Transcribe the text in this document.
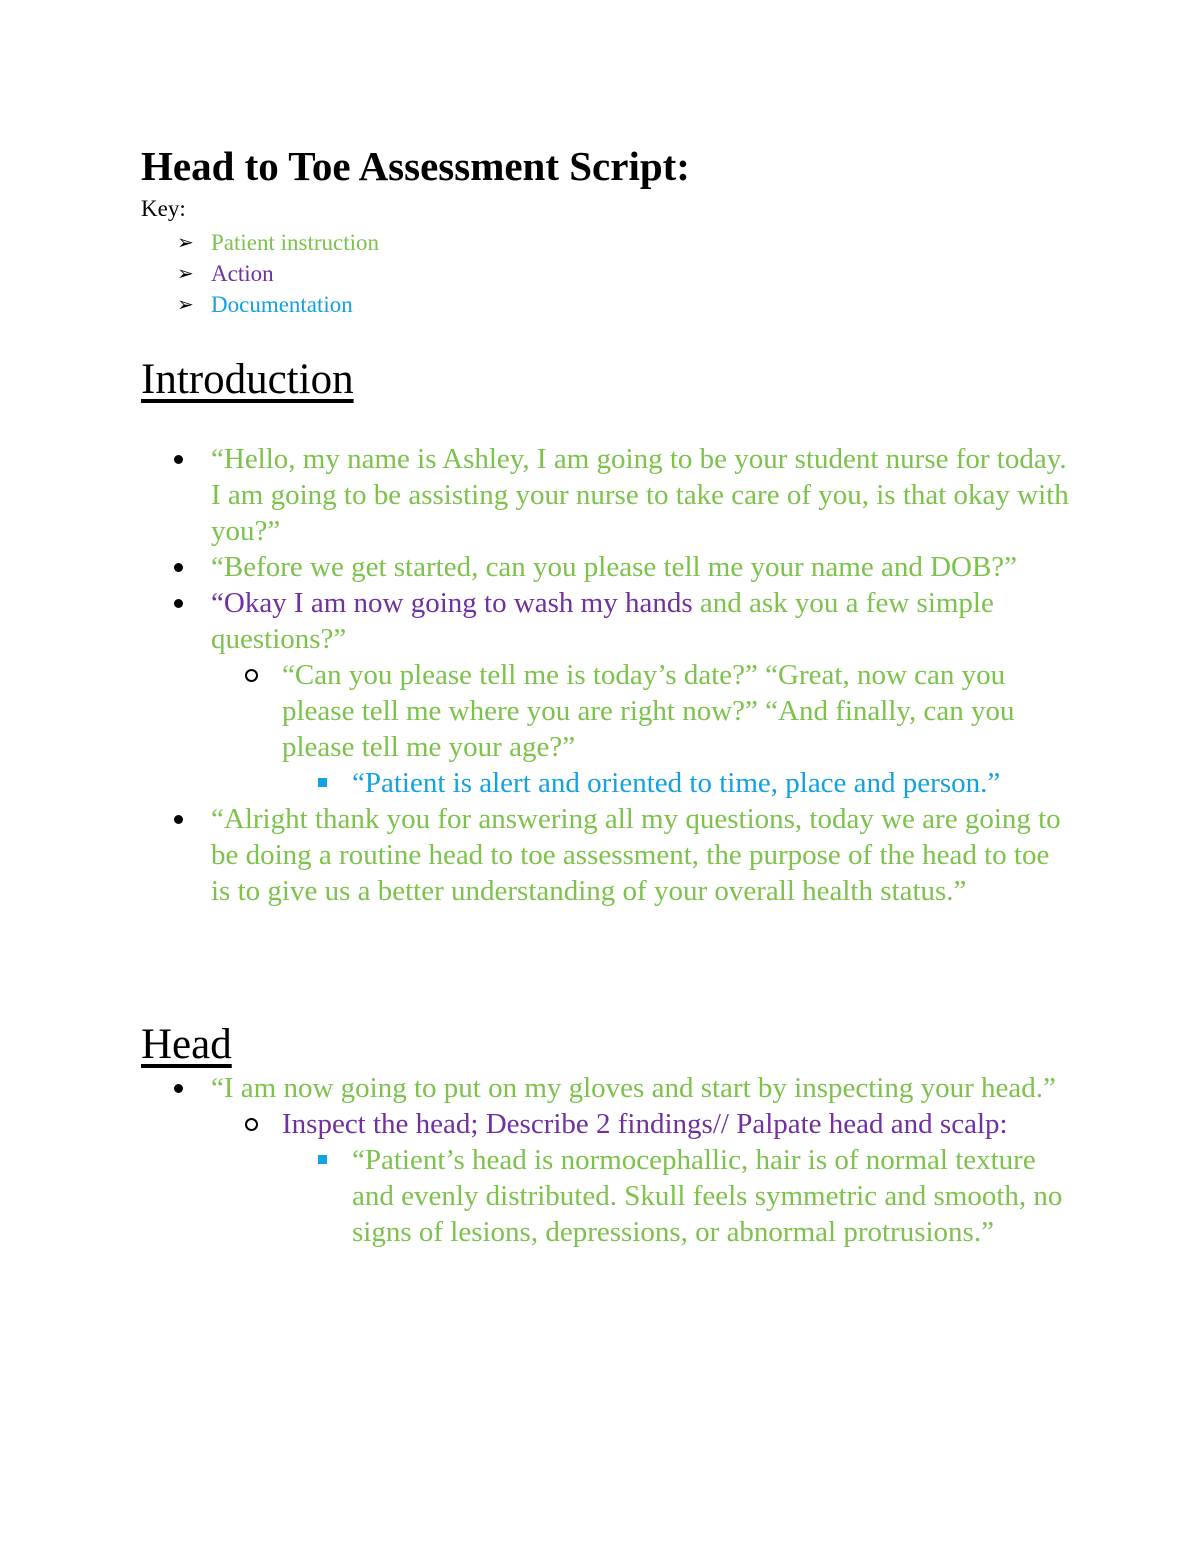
Head to Toe Assessment Script:

Key:

➢ Patient instruction
➢ Action
➢ Documentation
Introduction
“Hello, my name is Ashley, I am going to be your student nurse for today. I am going to be assisting your nurse to take care of you, is that okay with you?”
“Before we get started, can you please tell me your name and DOB?”
“Okay I am now going to wash my hands and ask you a few simple questions?”
“Can you please tell me is today’s date?” “Great, now can you please tell me where you are right now?” “And finally, can you please tell me your age?”
“Patient is alert and oriented to time, place and person.”
“Alright thank you for answering all my questions, today we are going to be doing a routine head to toe assessment, the purpose of the head to toe is to give us a better understanding of your overall health status.”
Head
“I am now going to put on my gloves and start by inspecting your head.”
Inspect the head; Describe 2 findings// Palpate head and scalp:
“Patient’s head is normocephallic, hair is of normal texture and evenly distributed. Skull feels symmetric and smooth, no signs of lesions, depressions, or abnormal protrusions.”
